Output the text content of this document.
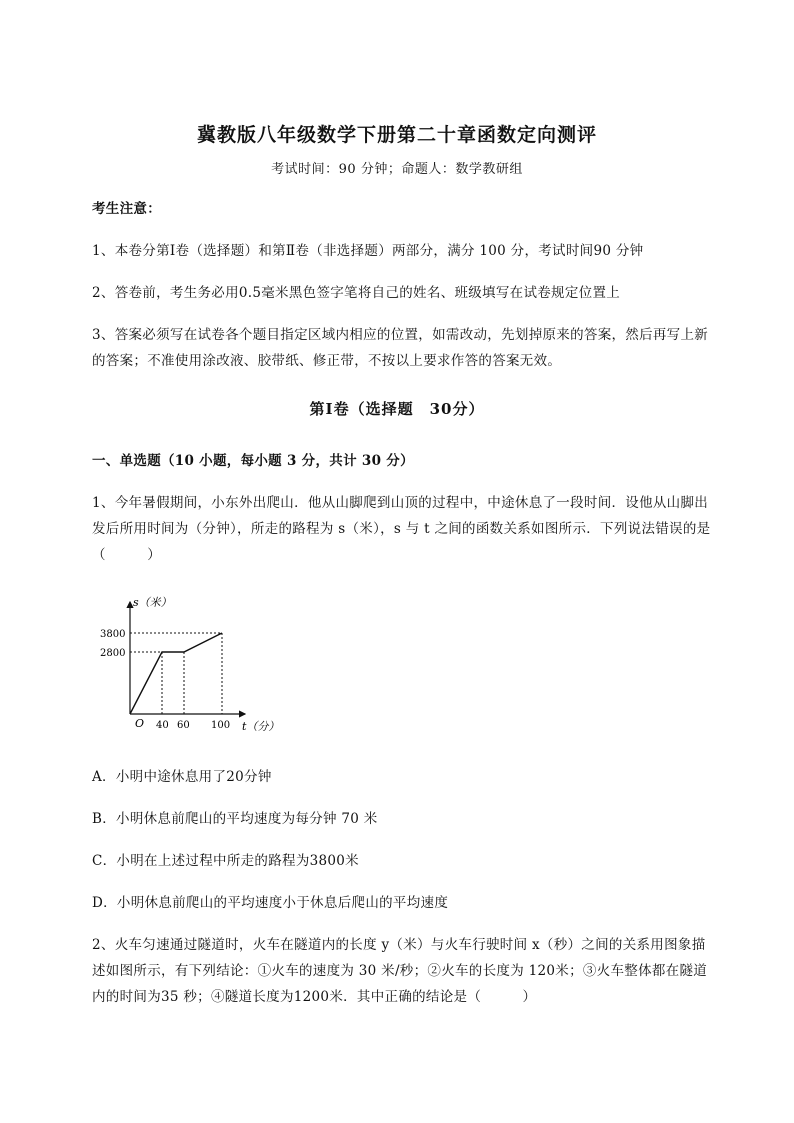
冀教版八年级数学下册第二十章函数定向测评
考试时间：90 分钟；命题人：数学教研组
考生注意：
1、本卷分第Ⅰ卷（选择题）和第Ⅱ卷（非选择题）两部分，满分 100 分，考试时间90 分钟
2、答卷前，考生务必用0.5毫米黑色签字笔将自己的姓名、班级填写在试卷规定位置上
3、答案必须写在试卷各个题目指定区域内相应的位置，如需改动，先划掉原来的答案，然后再写上新的答案；不准使用涂改液、胶带纸、修正带，不按以上要求作答的答案无效。
第Ⅰ卷（选择题　30分）
一、单选题（10 小题，每小题 3 分，共计 30 分）
1、今年暑假期间，小东外出爬山．他从山脚爬到山顶的过程中，中途休息了一段时间．设他从山脚出发后所用时间为（分钟），所走的路程为 s（米），s 与 t 之间的函数关系如图所示．下列说法错误的是（　　　）
s（米）
3800
2800
O 40 60 100 t（分）
A．小明中途休息用了20分钟
B．小明休息前爬山的平均速度为每分钟 70 米
C．小明在上述过程中所走的路程为3800米
D．小明休息前爬山的平均速度小于休息后爬山的平均速度
2、火车匀速通过隧道时，火车在隧道内的长度 y（米）与火车行驶时间 x（秒）之间的关系用图象描述如图所示，有下列结论：①火车的速度为 30 米/秒；②火车的长度为 120米；③火车整体都在隧道内的时间为35 秒；④隧道长度为1200米．其中正确的结论是（　　　）
